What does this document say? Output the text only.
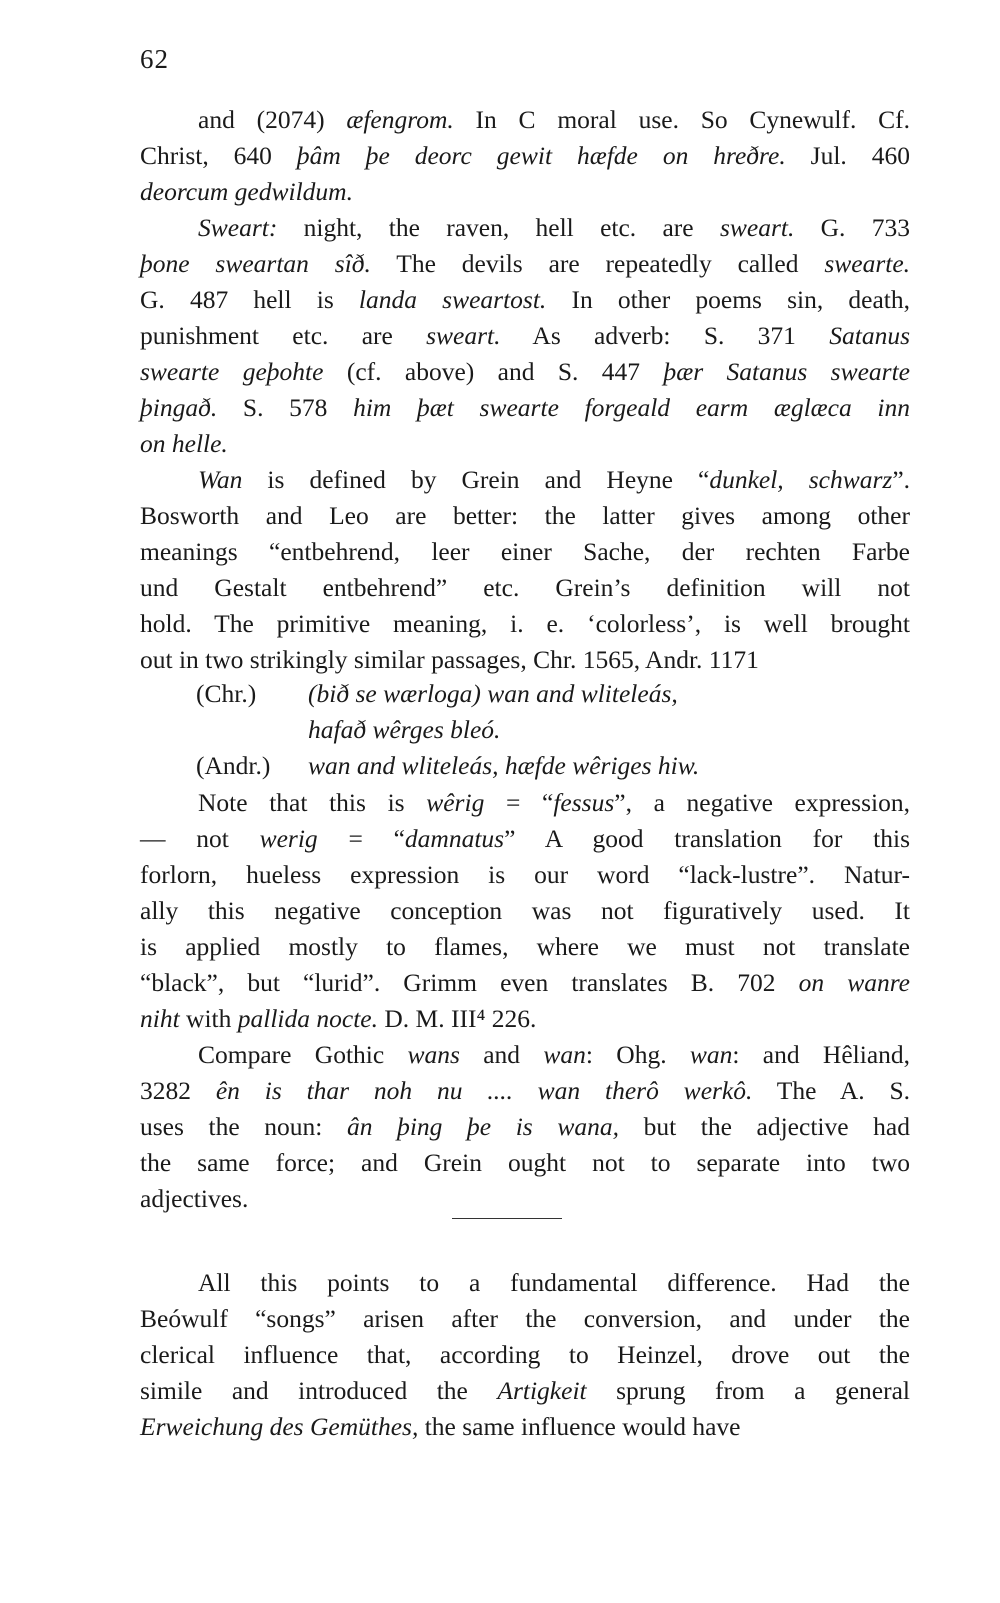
62
and (2074) æfengrom. In C moral use. So Cynewulf. Cf.
Christ, 640 þâm þe deorc gewit hæfde on hreðre. Jul. 460
deorcum gedwildum.
Sweart: night, the raven, hell etc. are sweart. G. 733
þone sweartan sîð. The devils are repeatedly called swearte.
G. 487 hell is landa sweartost. In other poems sin, death,
punishment etc. are sweart. As adverb: S. 371 Satanus
swearte geþohte (cf. above) and S. 447 þær Satanus swearte
þingað. S. 578 him þæt swearte forgeald earm æglæca inn
on helle.
Wan is defined by Grein and Heyne “dunkel, schwarz”.
Bosworth and Leo are better: the latter gives among other
meanings “entbehrend, leer einer Sache, der rechten Farbe
und Gestalt entbehrend” etc. Grein’s definition will not
hold. The primitive meaning, i. e. ‘colorless’, is well brought
out in two strikingly similar passages, Chr. 1565, Andr. 1171
(Chr.) (bið se wærloga) wan and wliteleás,
hafað wêrges bleó.
(Andr.) wan and wliteleás, hæfde wêriges hiw.
Note that this is wêrig = “fessus”, a negative expression,
— not werig = “damnatus” A good translation for this
forlorn, hueless expression is our word “lack-lustre”. Natur-
ally this negative conception was not figuratively used. It
is applied mostly to flames, where we must not translate
“black”, but “lurid”. Grimm even translates B. 702 on wanre
niht with pallida nocte. D. M. III⁴ 226.
Compare Gothic wans and wan: Ohg. wan: and Hêliand,
3282 ên is thar noh nu .... wan therô werkô. The A. S.
uses the noun: ân þing þe is wana, but the adjective had
the same force; and Grein ought not to separate into two
adjectives.
All this points to a fundamental difference. Had the
Beówulf “songs” arisen after the conversion, and under the
clerical influence that, according to Heinzel, drove out the
simile and introduced the Artigkeit sprung from a general
Erweichung des Gemüthes, the same influence would have
